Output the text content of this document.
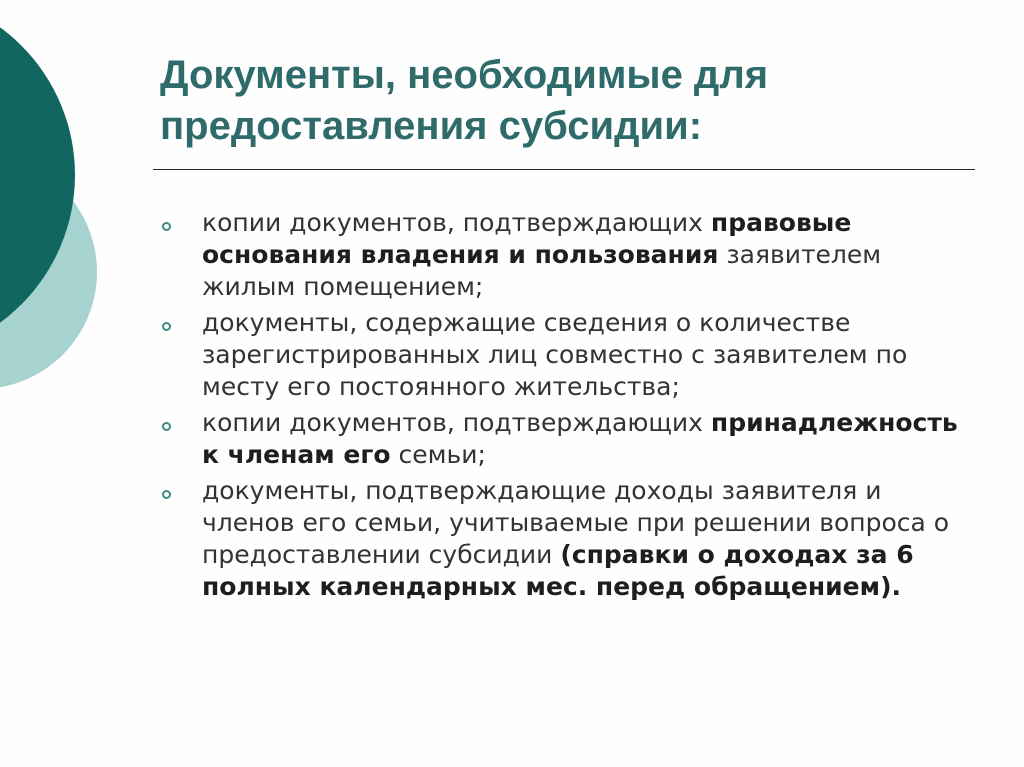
Документы, необходимые для
предоставления субсидии:
копии документов, подтверждающих правовые основания владения и пользования заявителем жилым помещением;
документы, содержащие сведения о количестве зарегистрированных лиц совместно с заявителем по месту его постоянного жительства;
копии документов, подтверждающих принадлежность к членам его семьи;
документы, подтверждающие доходы заявителя и членов его семьи, учитываемые при решении вопроса о предоставлении субсидии (справки о доходах за 6 полных календарных мес. перед обращением).
